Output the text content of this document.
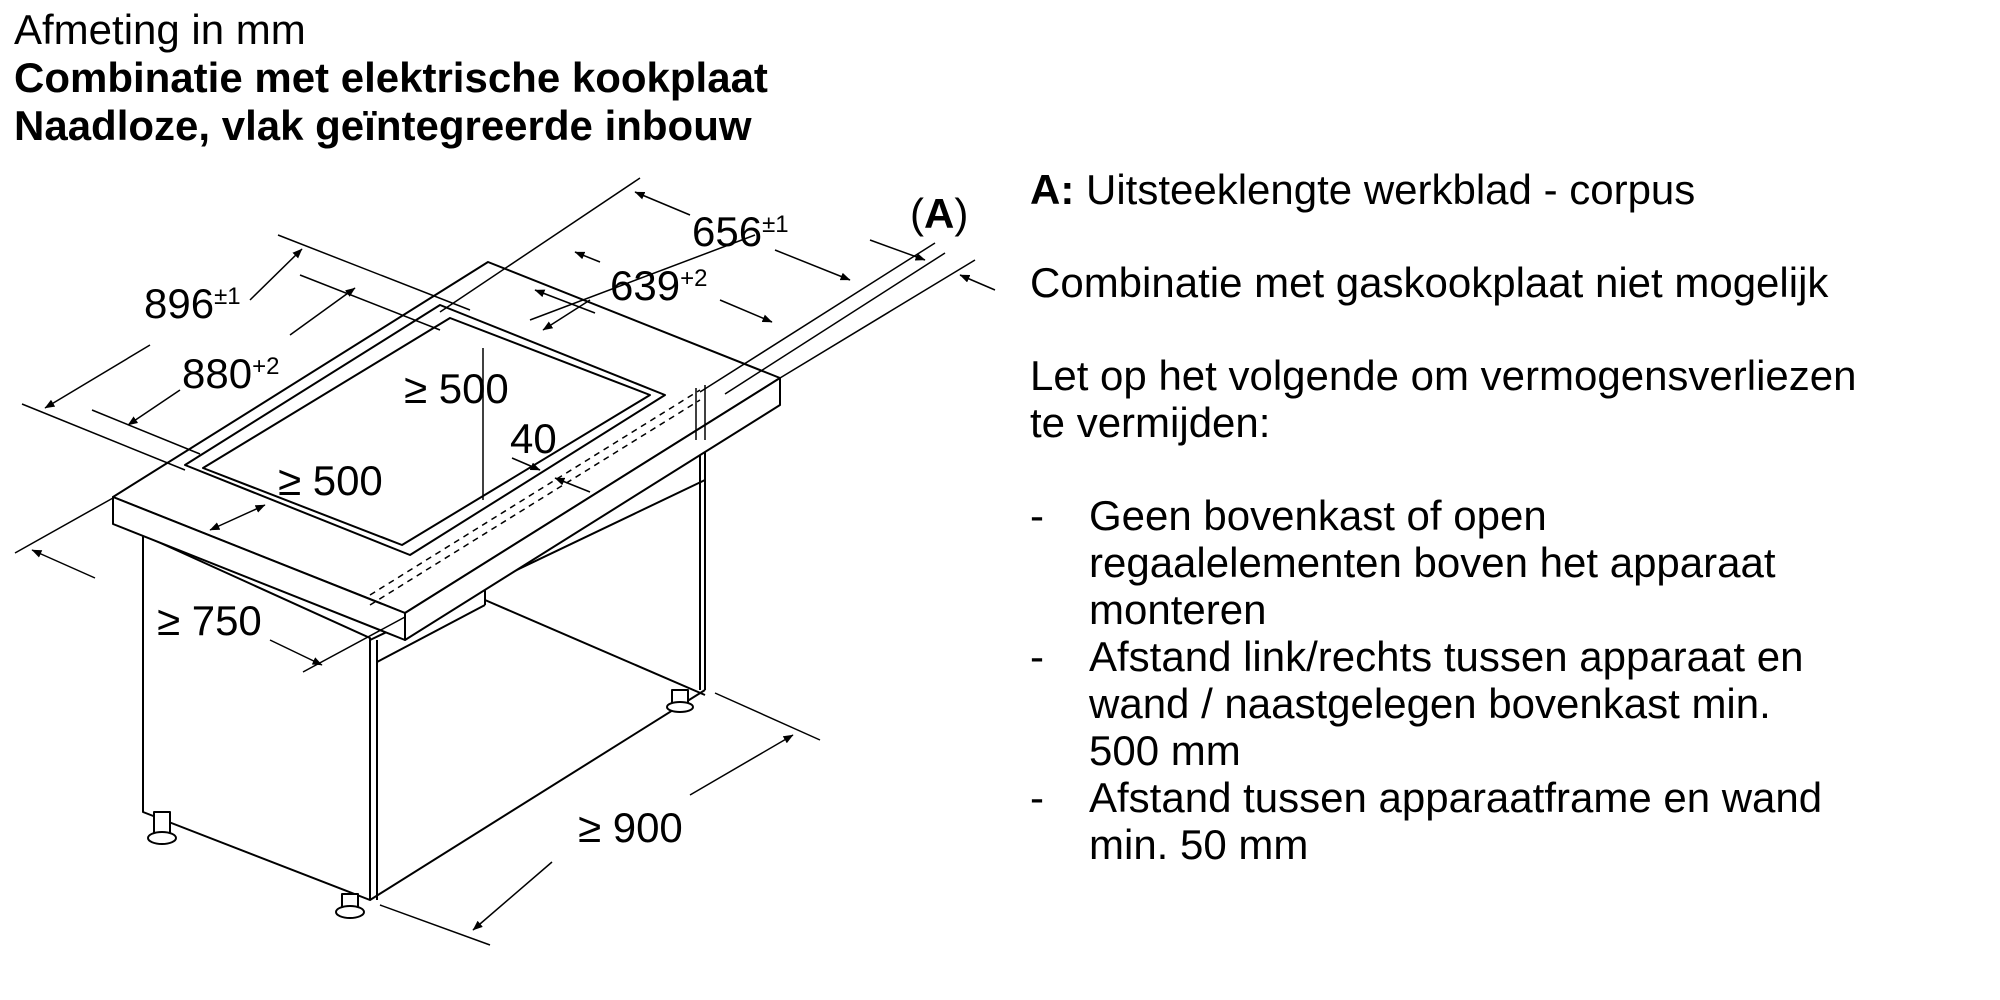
Afmeting in mm
Combinatie met elektrische kookplaat
Naadloze, vlak geïntegreerde inbouw
$896^{\pm 1}$
$880^{+2}$
$656^{\pm 1}$
$639^{+2}$
(A)
≥ 500
40
≥ 500
≥ 750
≥ 900

A: Uitsteeklengte werkblad - corpus

Combinatie met gaskookplaat niet mogelijk

Let op het volgende om vermogensverliezen
te vermijden:

- Geen bovenkast of open
regaalelementen boven het apparaat
monteren
- Afstand link/rechts tussen apparaat en
wand / naastgelegen bovenkast min.
500 mm
- Afstand tussen apparaatframe en wand
min. 50 mm
